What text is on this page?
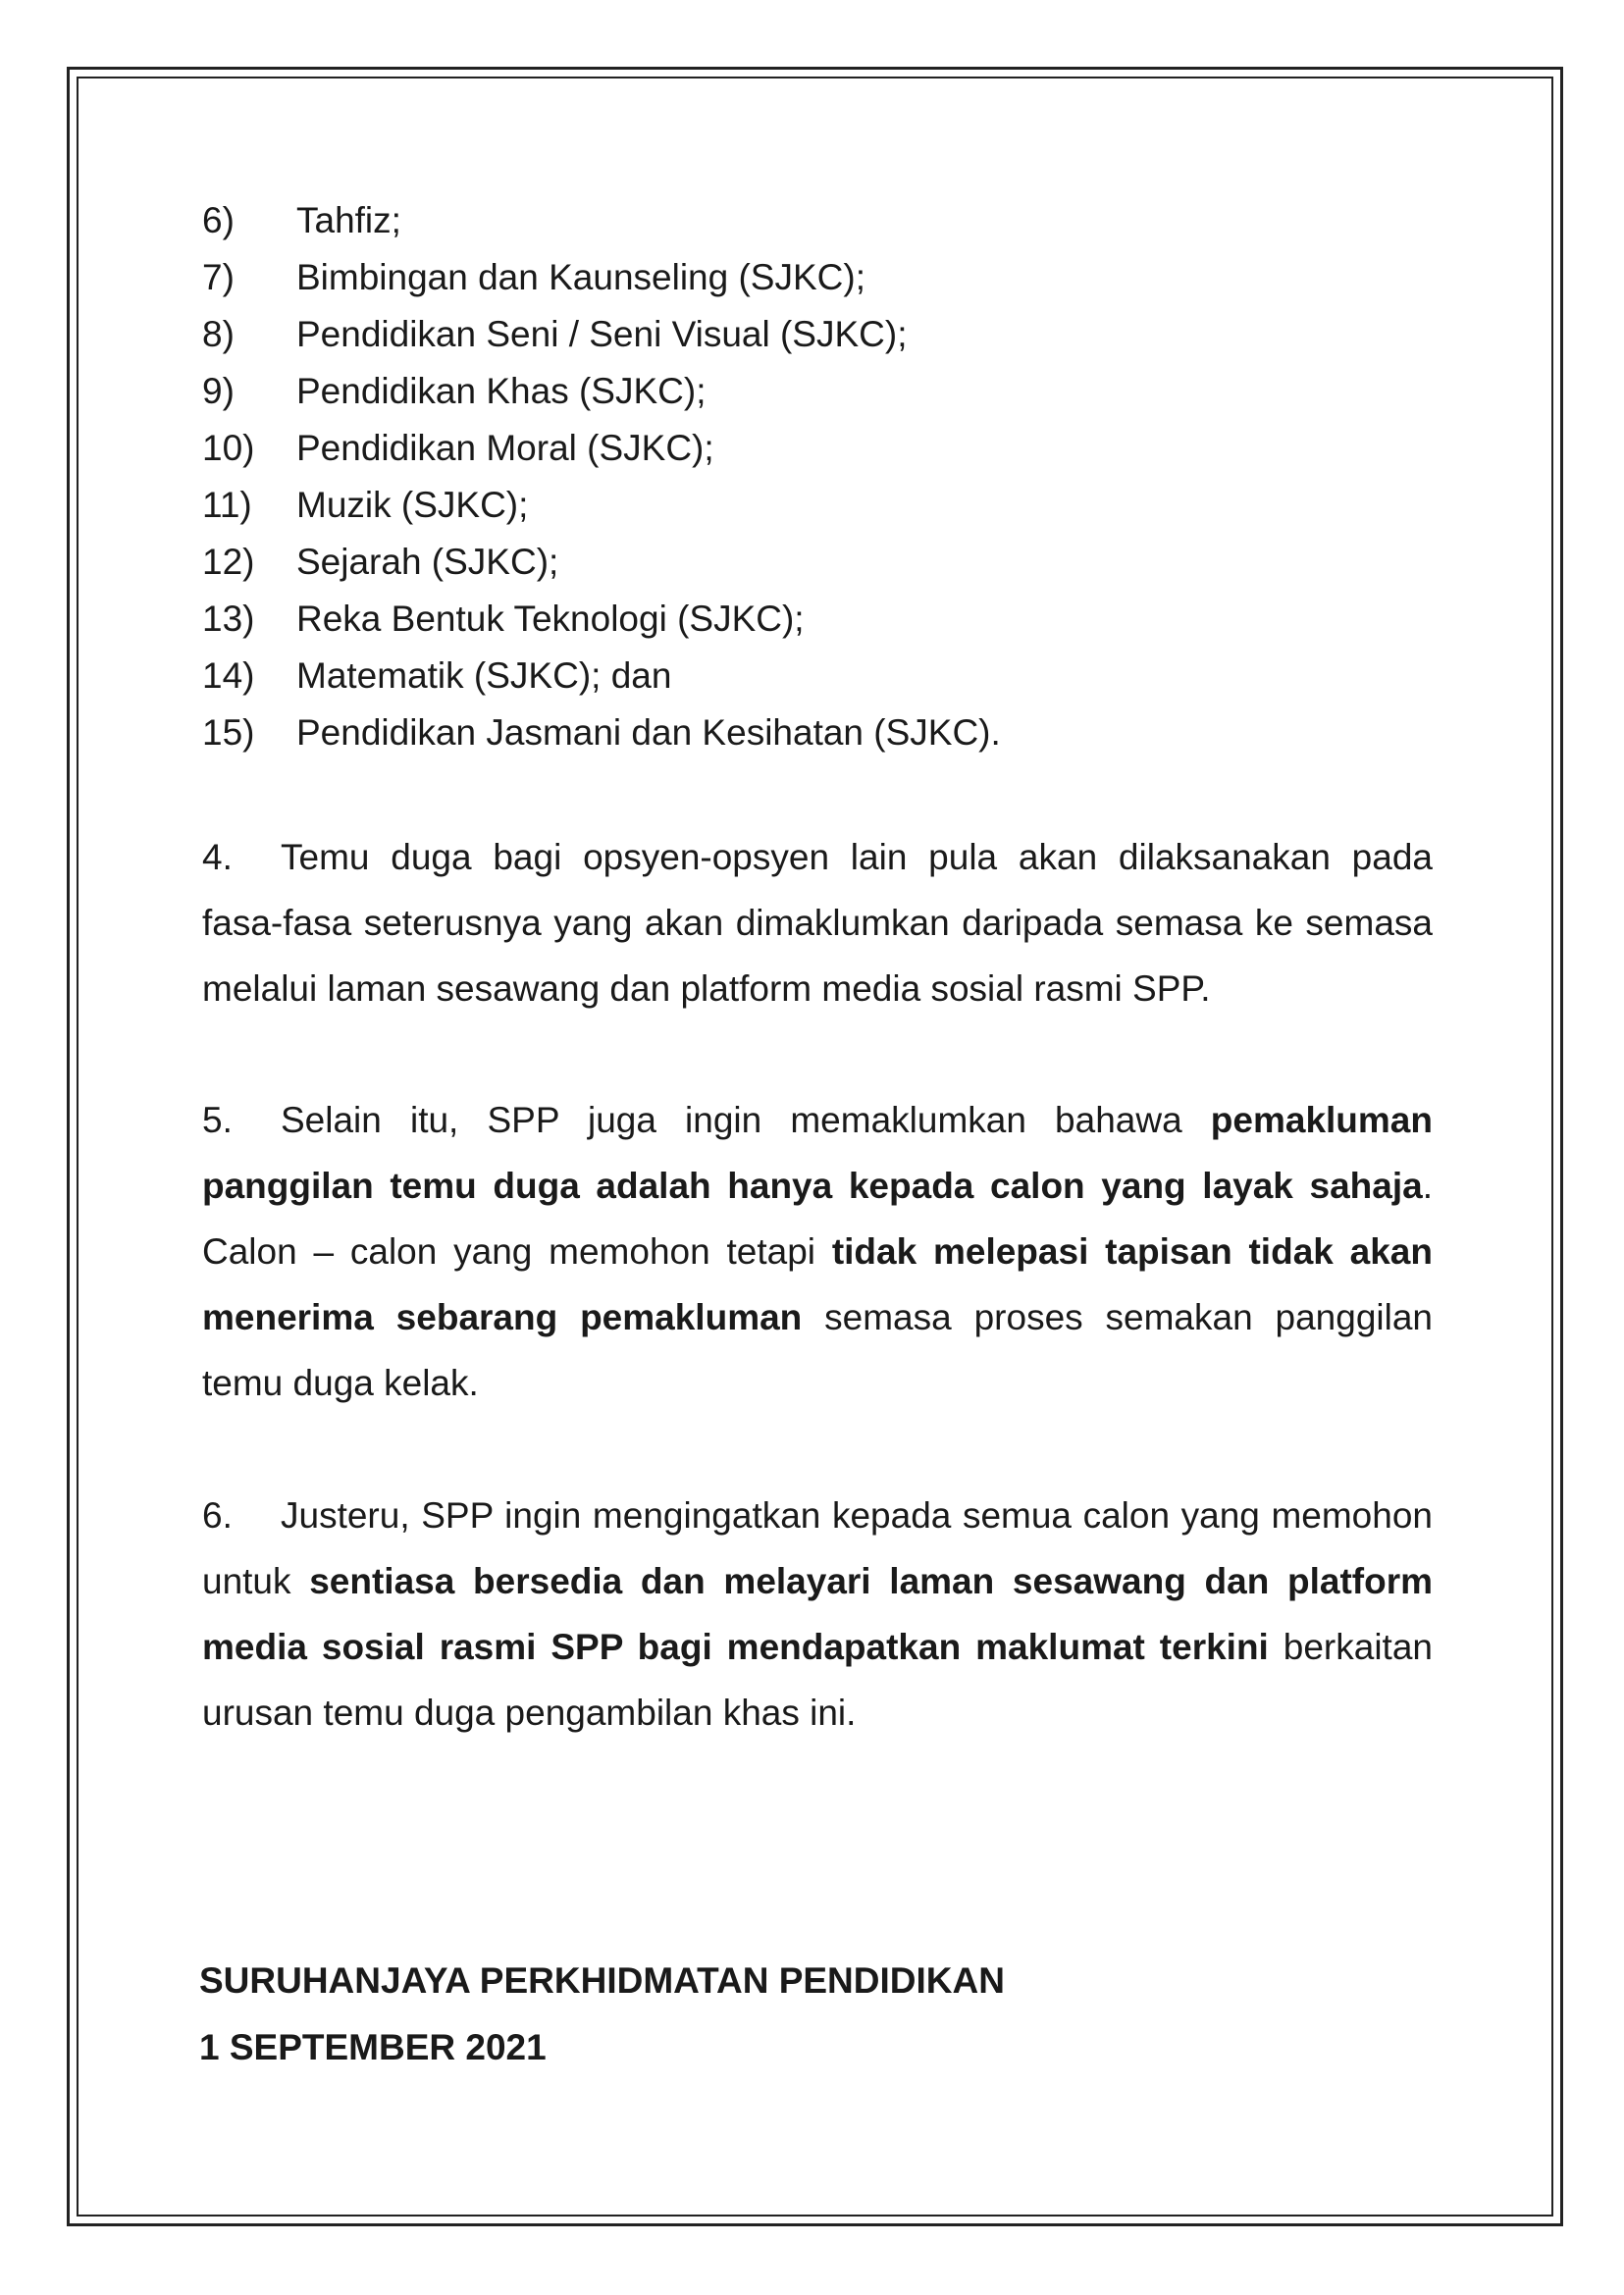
6) Tahfiz;
7) Bimbingan dan Kaunseling (SJKC);
8) Pendidikan Seni / Seni Visual (SJKC);
9) Pendidikan Khas (SJKC);
10) Pendidikan Moral (SJKC);
11) Muzik (SJKC);
12) Sejarah (SJKC);
13) Reka Bentuk Teknologi (SJKC);
14) Matematik (SJKC); dan
15) Pendidikan Jasmani dan Kesihatan (SJKC).

4. Temu duga bagi opsyen-opsyen lain pula akan dilaksanakan pada fasa-fasa seterusnya yang akan dimaklumkan daripada semasa ke semasa melalui laman sesawang dan platform media sosial rasmi SPP.

5. Selain itu, SPP juga ingin memaklumkan bahawa pemakluman panggilan temu duga adalah hanya kepada calon yang layak sahaja. Calon – calon yang memohon tetapi tidak melepasi tapisan tidak akan menerima sebarang pemakluman semasa proses semakan panggilan temu duga kelak.

6. Justeru, SPP ingin mengingatkan kepada semua calon yang memohon untuk sentiasa bersedia dan melayari laman sesawang dan platform media sosial rasmi SPP bagi mendapatkan maklumat terkini berkaitan urusan temu duga pengambilan khas ini.

SURUHANJAYA PERKHIDMATAN PENDIDIKAN

1 SEPTEMBER 2021
